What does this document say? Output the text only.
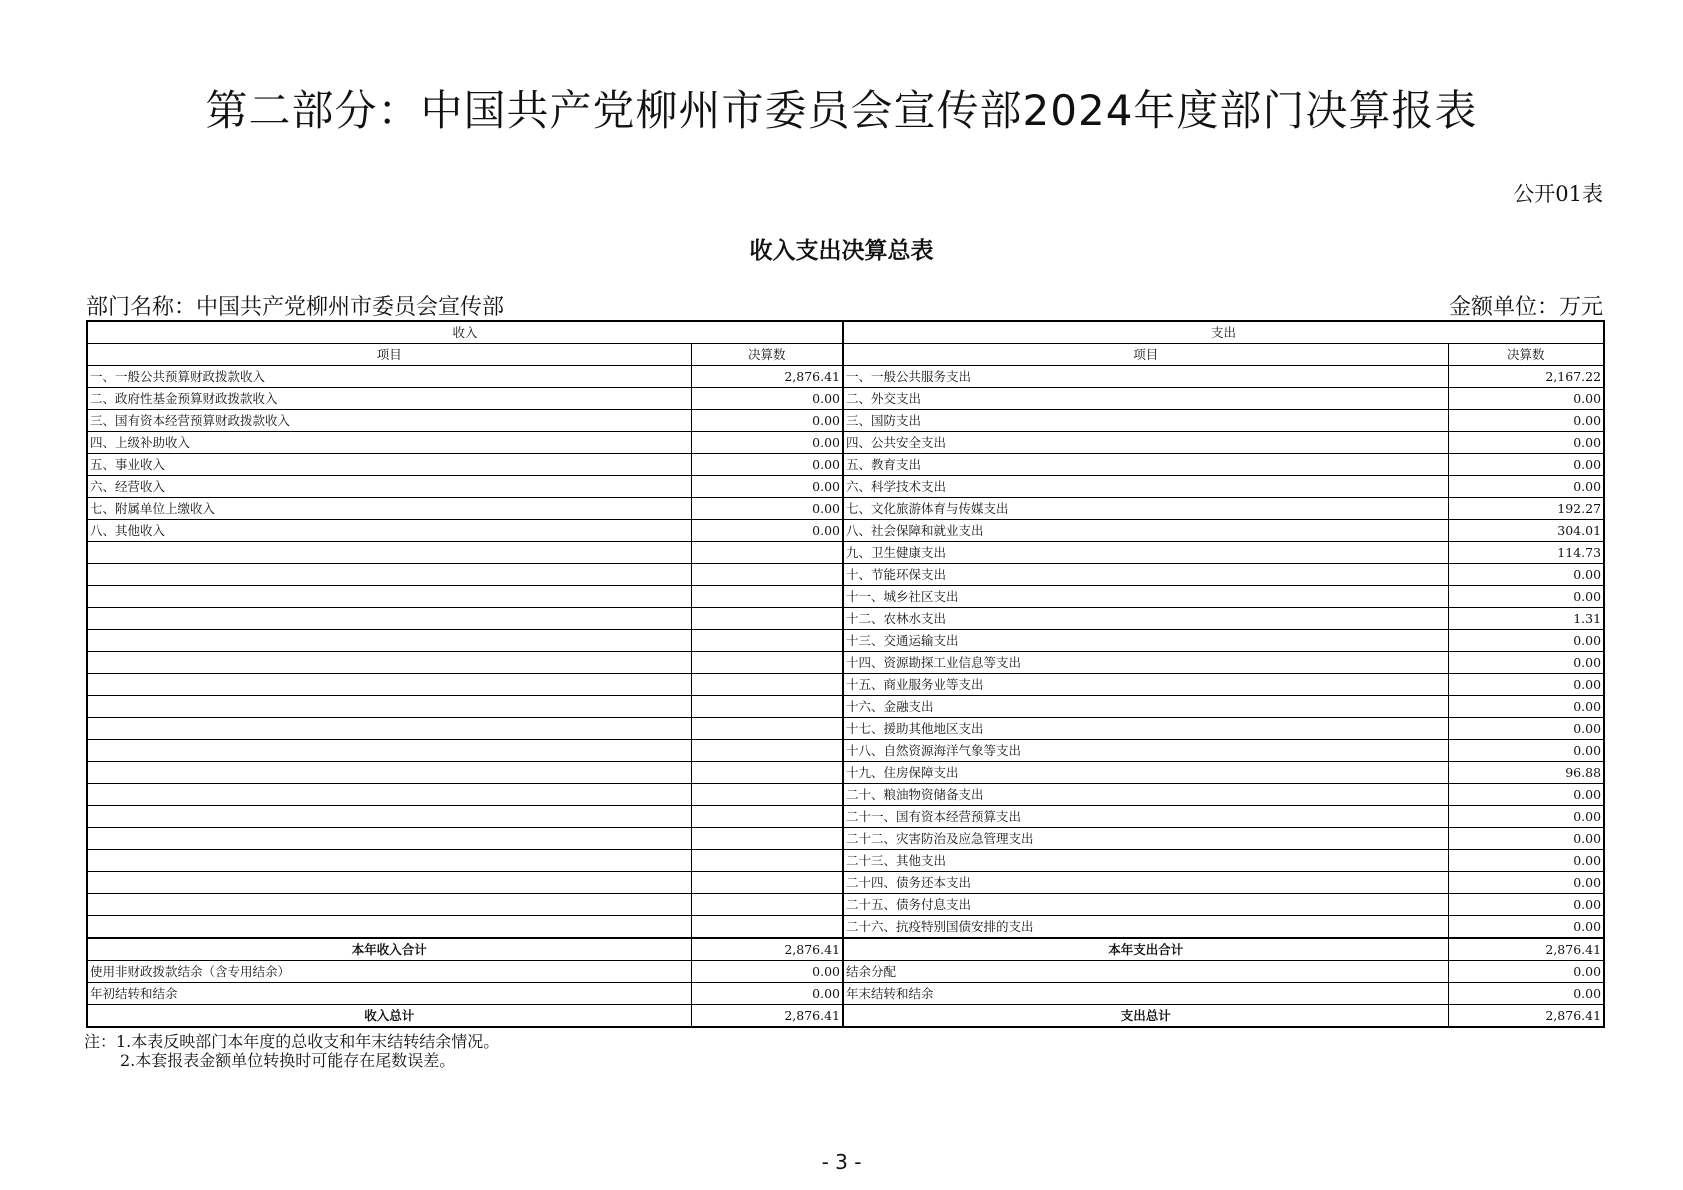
第二部分：中国共产党柳州市委员会宣传部2024年度部门决算报表
公开01表
收入支出决算总表
部门名称：中国共产党柳州市委员会宣传部	金额单位：万元
收入		支出	
项目	决算数	项目	决算数
一、一般公共预算财政拨款收入	2,876.41	一、一般公共服务支出	2,167.22
二、政府性基金预算财政拨款收入	0.00	二、外交支出	0.00
三、国有资本经营预算财政拨款收入	0.00	三、国防支出	0.00
四、上级补助收入	0.00	四、公共安全支出	0.00
五、事业收入	0.00	五、教育支出	0.00
六、经营收入	0.00	六、科学技术支出	0.00
七、附属单位上缴收入	0.00	七、文化旅游体育与传媒支出	192.27
八、其他收入	0.00	八、社会保障和就业支出	304.01
		九、卫生健康支出	114.73
		十、节能环保支出	0.00
		十一、城乡社区支出	0.00
		十二、农林水支出	1.31
		十三、交通运输支出	0.00
		十四、资源勘探工业信息等支出	0.00
		十五、商业服务业等支出	0.00
		十六、金融支出	0.00
		十七、援助其他地区支出	0.00
		十八、自然资源海洋气象等支出	0.00
		十九、住房保障支出	96.88
		二十、粮油物资储备支出	0.00
		二十一、国有资本经营预算支出	0.00
		二十二、灾害防治及应急管理支出	0.00
		二十三、其他支出	0.00
		二十四、债务还本支出	0.00
		二十五、债务付息支出	0.00
		二十六、抗疫特别国债安排的支出	0.00
本年收入合计	2,876.41	本年支出合计	2,876.41
使用非财政拨款结余（含专用结余）	0.00	结余分配	0.00
年初结转和结余	0.00	年末结转和结余	0.00
收入总计	2,876.41	支出总计	2,876.41
注：1.本表反映部门本年度的总收支和年末结转结余情况。
2.本套报表金额单位转换时可能存在尾数误差。
- 3 -
